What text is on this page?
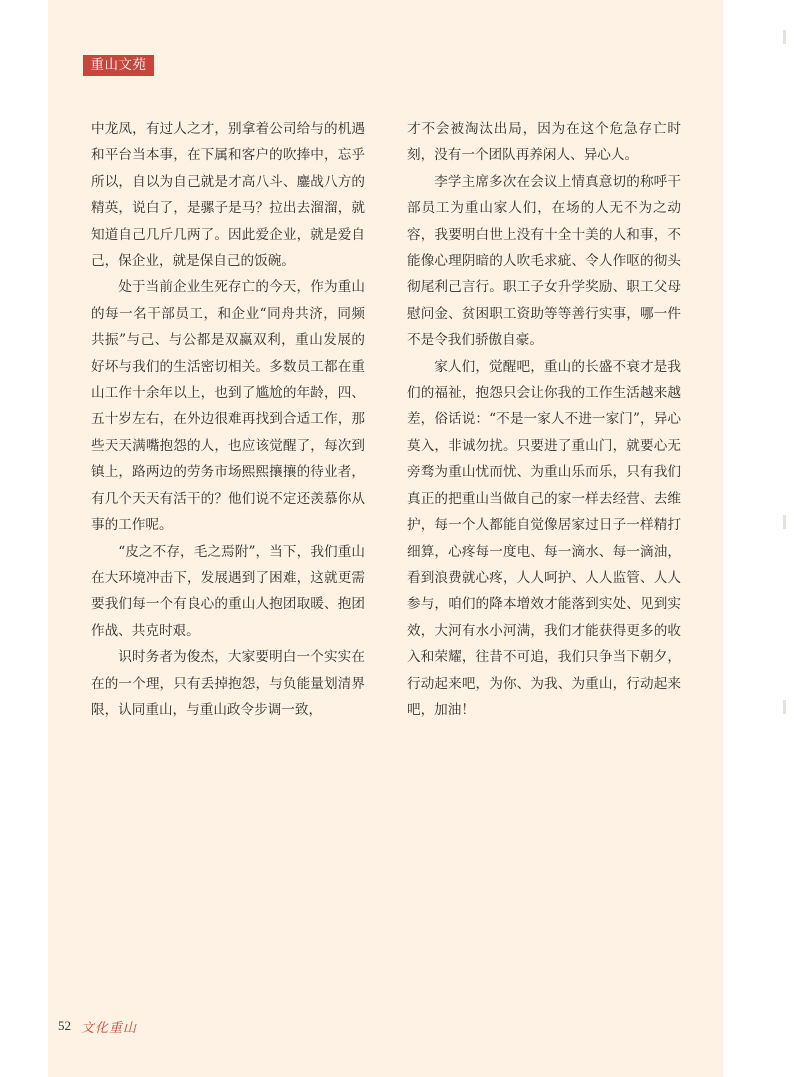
重山文苑

中龙凤，有过人之才，别拿着公司给与的机遇和平台当本事，在下属和客户的吹捧中，忘乎所以，自以为自己就是才高八斗、鏖战八方的精英，说白了，是骡子是马？拉出去溜溜，就知道自己几斤几两了。因此爱企业，就是爱自己，保企业，就是保自己的饭碗。

处于当前企业生死存亡的今天，作为重山的每一名干部员工，和企业“同舟共济，同频共振”与己、与公都是双赢双利，重山发展的好坏与我们的生活密切相关。多数员工都在重山工作十余年以上，也到了尴尬的年龄，四、五十岁左右，在外边很难再找到合适工作，那些天天满嘴抱怨的人，也应该觉醒了，每次到镇上，路两边的劳务市场熙熙攘攘的待业者，有几个天天有活干的？他们说不定还羡慕你从事的工作呢。

“皮之不存，毛之焉附”，当下，我们重山在大环境冲击下，发展遇到了困难，这就更需要我们每一个有良心的重山人抱团取暖、抱团作战、共克时艰。

识时务者为俊杰，大家要明白一个实实在在的一个理，只有丢掉抱怨，与负能量划清界限，认同重山，与重山政令步调一致，

才不会被淘汰出局，因为在这个危急存亡时刻，没有一个团队再养闲人、异心人。

李学主席多次在会议上情真意切的称呼干部员工为重山家人们，在场的人无不为之动容，我要明白世上没有十全十美的人和事，不能像心理阴暗的人吹毛求疵、令人作呕的彻头彻尾利己言行。职工子女升学奖励、职工父母慰问金、贫困职工资助等等善行实事，哪一件不是令我们骄傲自豪。

家人们，觉醒吧，重山的长盛不衰才是我们的福祉，抱怨只会让你我的工作生活越来越差，俗话说：“不是一家人不进一家门”，异心莫入，非诚勿扰。只要进了重山门，就要心无旁骛为重山忧而忧、为重山乐而乐，只有我们真正的把重山当做自己的家一样去经营、去维护，每一个人都能自觉像居家过日子一样精打细算，心疼每一度电、每一滴水、每一滴油，看到浪费就心疼，人人呵护、人人监管、人人参与，咱们的降本增效才能落到实处、见到实效，大河有水小河满，我们才能获得更多的收入和荣耀，往昔不可追，我们只争当下朝夕，行动起来吧，为你、为我、为重山，行动起来吧，加油！

52 文化重山
